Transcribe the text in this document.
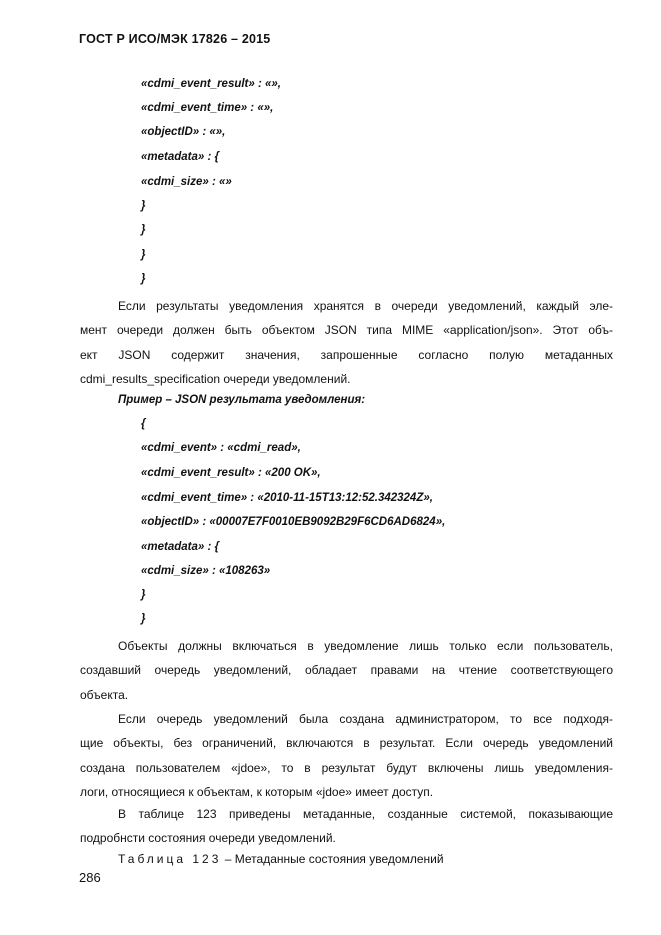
ГОСТ Р ИСО/МЭК 17826 – 2015
«cdmi_event_result» : «»,
«cdmi_event_time» : «»,
«objectID» : «»,
«metadata» : {
«cdmi_size» : «»
}
}
}
}
Если результаты уведомления хранятся в очереди уведомлений, каждый эле-
мент очереди должен быть объектом JSON типа MIME «application/json». Этот объ-
ект JSON содержит значения, запрошенные согласно полую метаданных
cdmi_results_specification очереди уведомлений.
Пример – JSON результата уведомления:
{
«cdmi_event» : «cdmi_read»,
«cdmi_event_result» : «200 OK»,
«cdmi_event_time» : «2010-11-15T13:12:52.342324Z»,
«objectID» : «00007E7F0010EB9092B29F6CD6AD6824»,
«metadata» : {
«cdmi_size» : «108263»
}
}
Объекты должны включаться в уведомление лишь только если пользователь,
создавший очередь уведомлений, обладает правами на чтение соответствующего
объекта.
Если очередь уведомлений была создана администратором, то все подходя-
щие объекты, без ограничений, включаются в результат. Если очередь уведомлений
создана пользователем «jdoe», то в результат будут включены лишь уведомления-
логи, относящиеся к объектам, к которым «jdoe» имеет доступ.
В таблице 123 приведены метаданные, созданные системой, показывающие
подробнсти состояния очереди уведомлений.
Таблица 123 – Метаданные состояния уведомлений
286
